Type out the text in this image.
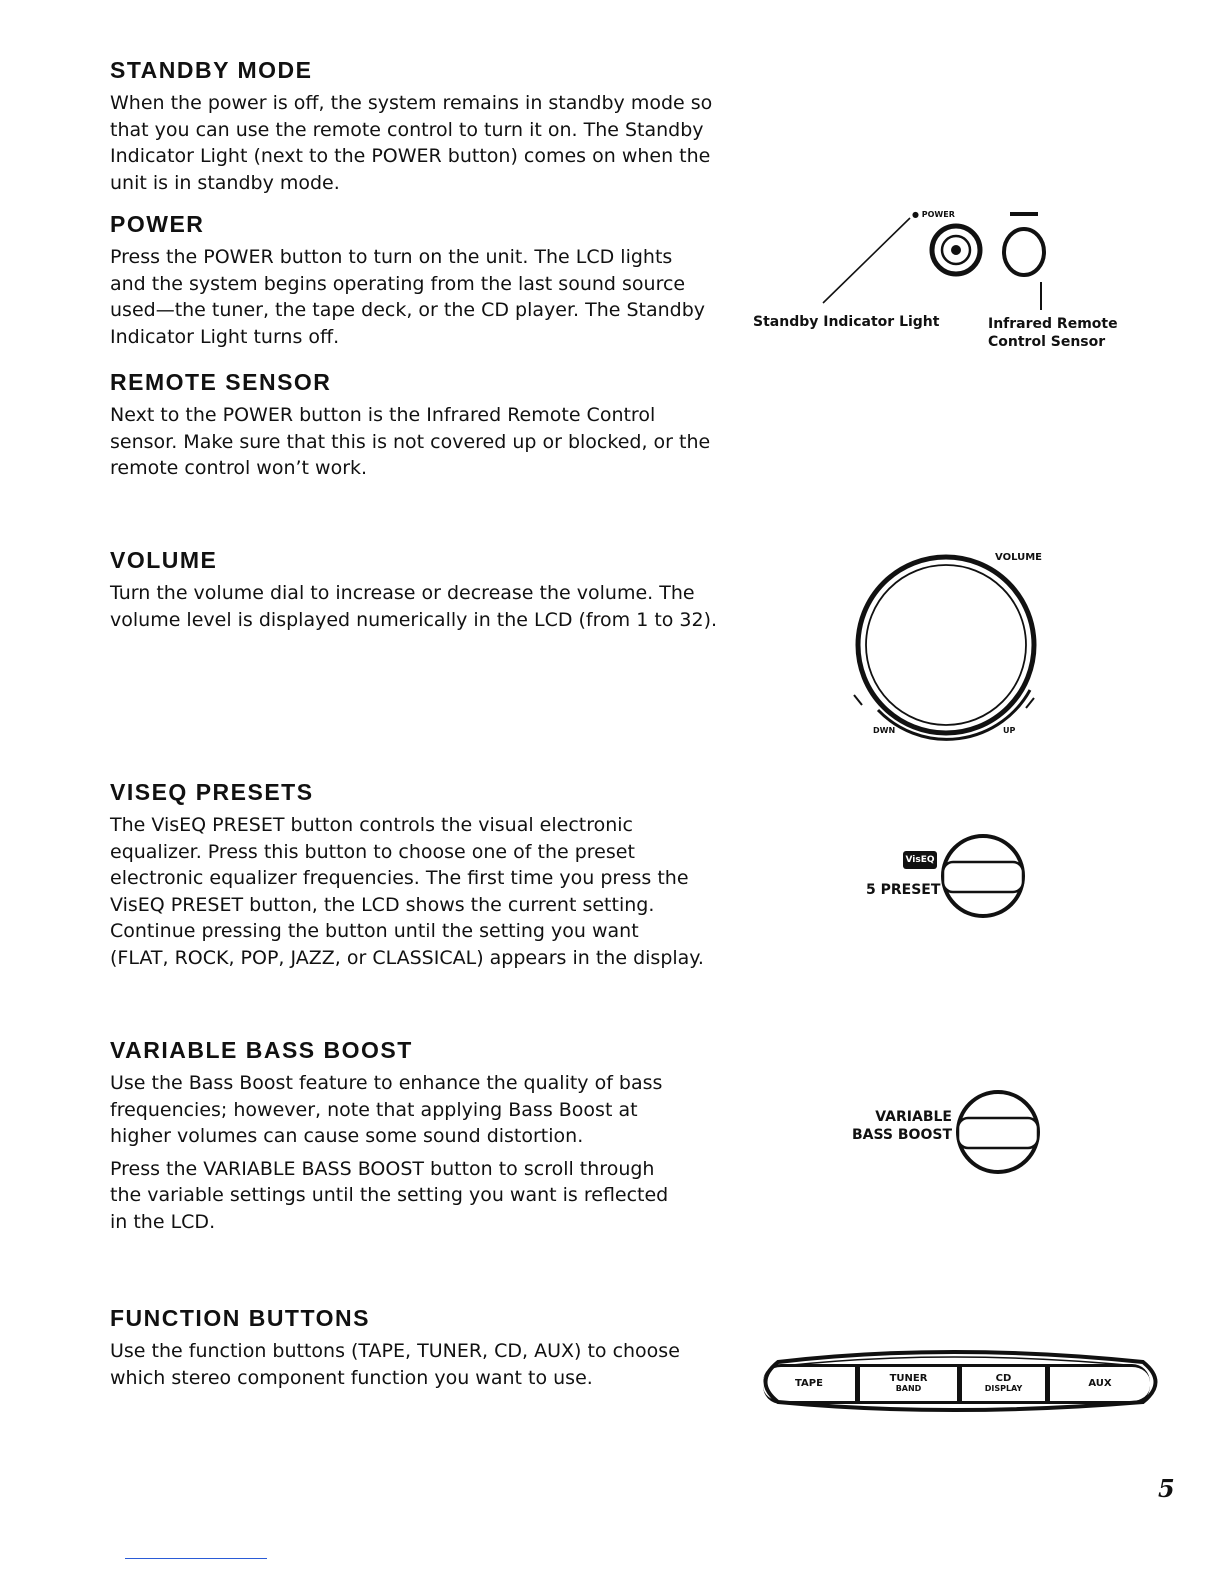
STANDBY MODE

When the power is off, the system remains in standby mode so
that you can use the remote control to turn it on. The Standby
Indicator Light (next to the POWER button) comes on when the
unit is in standby mode.

POWER

Press the POWER button to turn on the unit. The LCD lights
and the system begins operating from the last sound source
used—the tuner, the tape deck, or the CD player. The Standby
Indicator Light turns off.

REMOTE SENSOR

Next to the POWER button is the Infrared Remote Control
sensor. Make sure that this is not covered up or blocked, or the
remote control won’t work.

VOLUME

Turn the volume dial to increase or decrease the volume. The
volume level is displayed numerically in the LCD (from 1 to 32).

VISEQ PRESETS

The VisEQ PRESET button controls the visual electronic
equalizer. Press this button to choose one of the preset
electronic equalizer frequencies. The first time you press the
VisEQ PRESET button, the LCD shows the current setting.
Continue pressing the button until the setting you want
(FLAT, ROCK, POP, JAZZ, or CLASSICAL) appears in the display.

VARIABLE BASS BOOST

Use the Bass Boost feature to enhance the quality of bass
frequencies; however, note that applying Bass Boost at
higher volumes can cause some sound distortion.

Press the VARIABLE BASS BOOST button to scroll through
the variable settings until the setting you want is reflected
in the LCD.

FUNCTION BUTTONS

Use the function buttons (TAPE, TUNER, CD, AUX) to choose
which stereo component function you want to use.

● POWER
Standby Indicator Light	Infrared Remote
Control Sensor
VOLUME
DWN	UP
VisEQ
5 PRESET
VARIABLE
BASS BOOST
TAPE	TUNER
BAND
CD
DISPLAY	AUX
5
